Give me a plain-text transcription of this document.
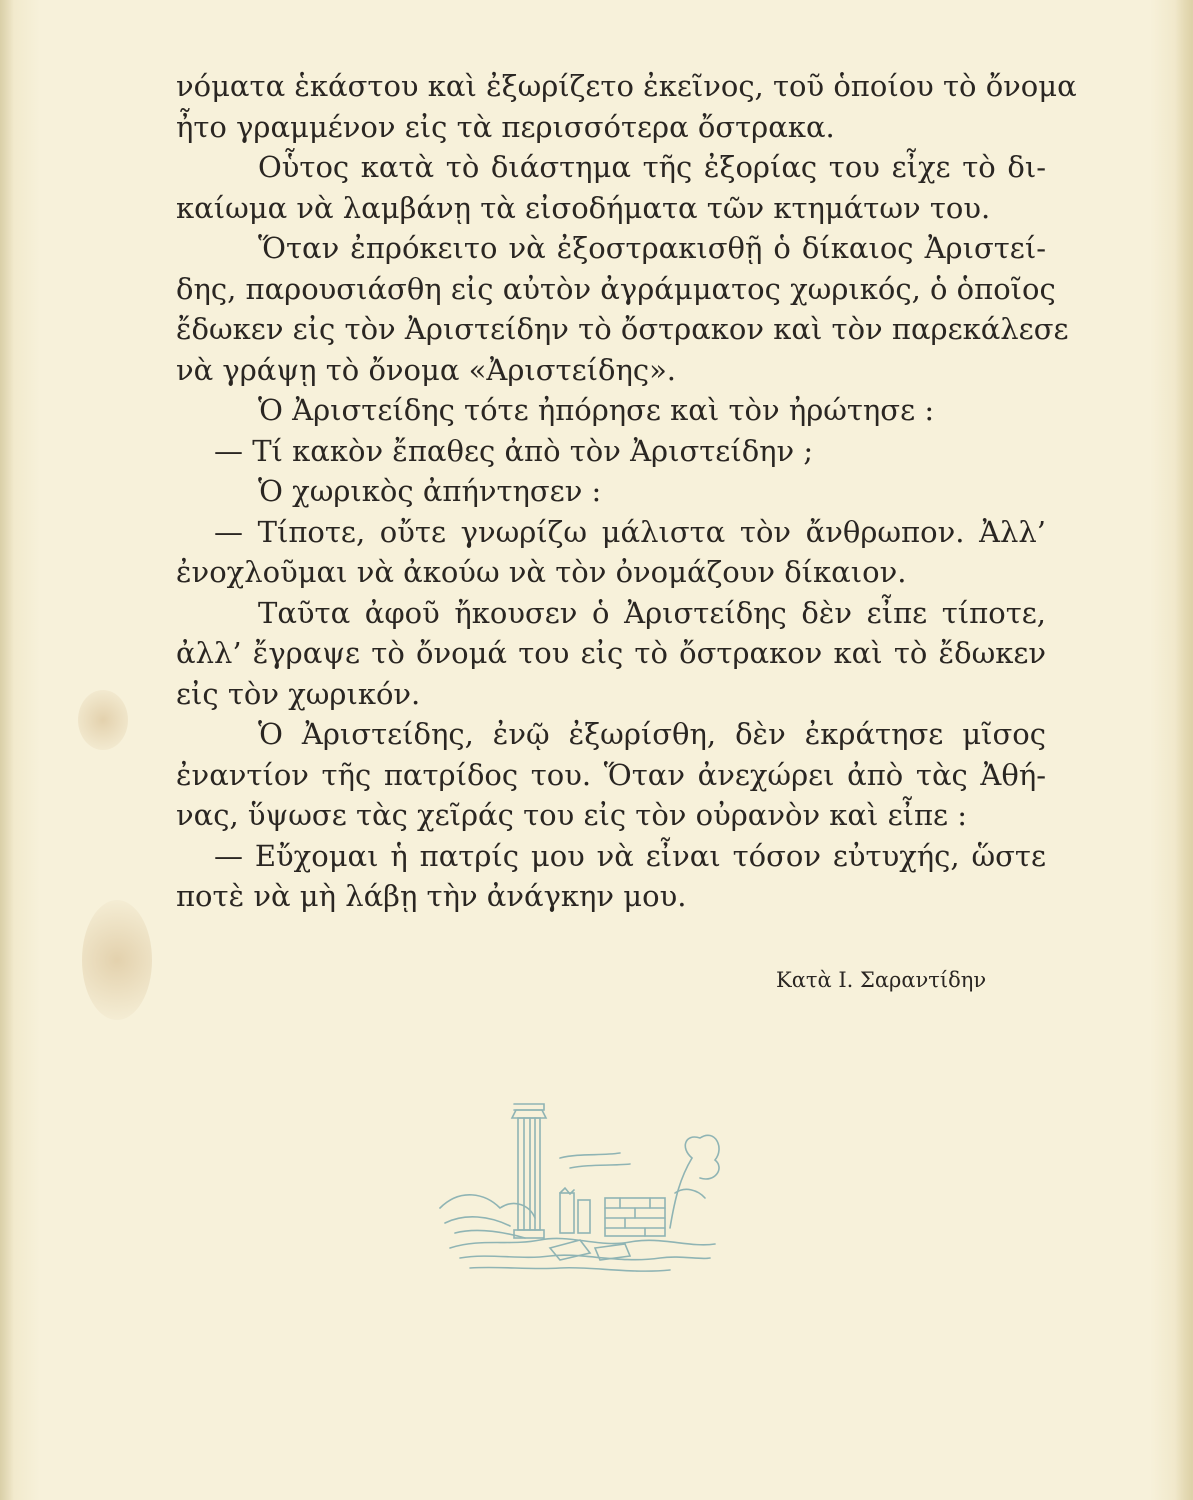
νόματα ἑκάστου καὶ ἐξωρίζετο ἐκεῖνος, τοῦ ὁποίου τὸ ὄνομα
ἦτο γραμμένον εἰς τὰ περισσότερα ὄστρακα.
Οὗτος κατὰ τὸ διάστημα τῆς ἐξορίας του εἶχε τὸ δι-
καίωμα νὰ λαμβάνῃ τὰ εἰσοδήματα τῶν κτημάτων του.
Ὅταν ἐπρόκειτο νὰ ἐξοστρακισθῇ ὁ δίκαιος Ἀριστεί-
δης, παρουσιάσθη εἰς αὐτὸν ἀγράμματος χωρικός, ὁ ὁποῖος
ἔδωκεν εἰς τὸν Ἀριστείδην τὸ ὄστρακον καὶ τὸν παρεκάλεσε
νὰ γράψῃ τὸ ὄνομα «Ἀριστείδης».
Ὁ Ἀριστείδης τότε ἠπόρησε καὶ τὸν ἠρώτησε :
— Τί κακὸν ἔπαθες ἀπὸ τὸν Ἀριστείδην ;
Ὁ χωρικὸς ἀπήντησεν :
— Τίποτε, οὔτε γνωρίζω μάλιστα τὸν ἄνθρωπον. Ἀλλ’
ἐνοχλοῦμαι νὰ ἀκούω νὰ τὸν ὀνομάζουν δίκαιον.
Ταῦτα ἀφοῦ ἤκουσεν ὁ Ἀριστείδης δὲν εἶπε τίποτε,
ἀλλ’ ἔγραψε τὸ ὄνομά του εἰς τὸ ὄστρακον καὶ τὸ ἔδωκεν
εἰς τὸν χωρικόν.
Ὁ Ἀριστείδης, ἐνῷ ἐξωρίσθη, δὲν ἐκράτησε μῖσος
ἐναντίον τῆς πατρίδος του. Ὅταν ἀνεχώρει ἀπὸ τὰς Ἀθή-
νας, ὕψωσε τὰς χεῖράς του εἰς τὸν οὐρανὸν καὶ εἶπε :
— Εὔχομαι ἡ πατρίς μου νὰ εἶναι τόσον εὐτυχής, ὥστε
ποτὲ νὰ μὴ λάβῃ τὴν ἀνάγκην μου.
Κατὰ Ι. Σαραντίδην
